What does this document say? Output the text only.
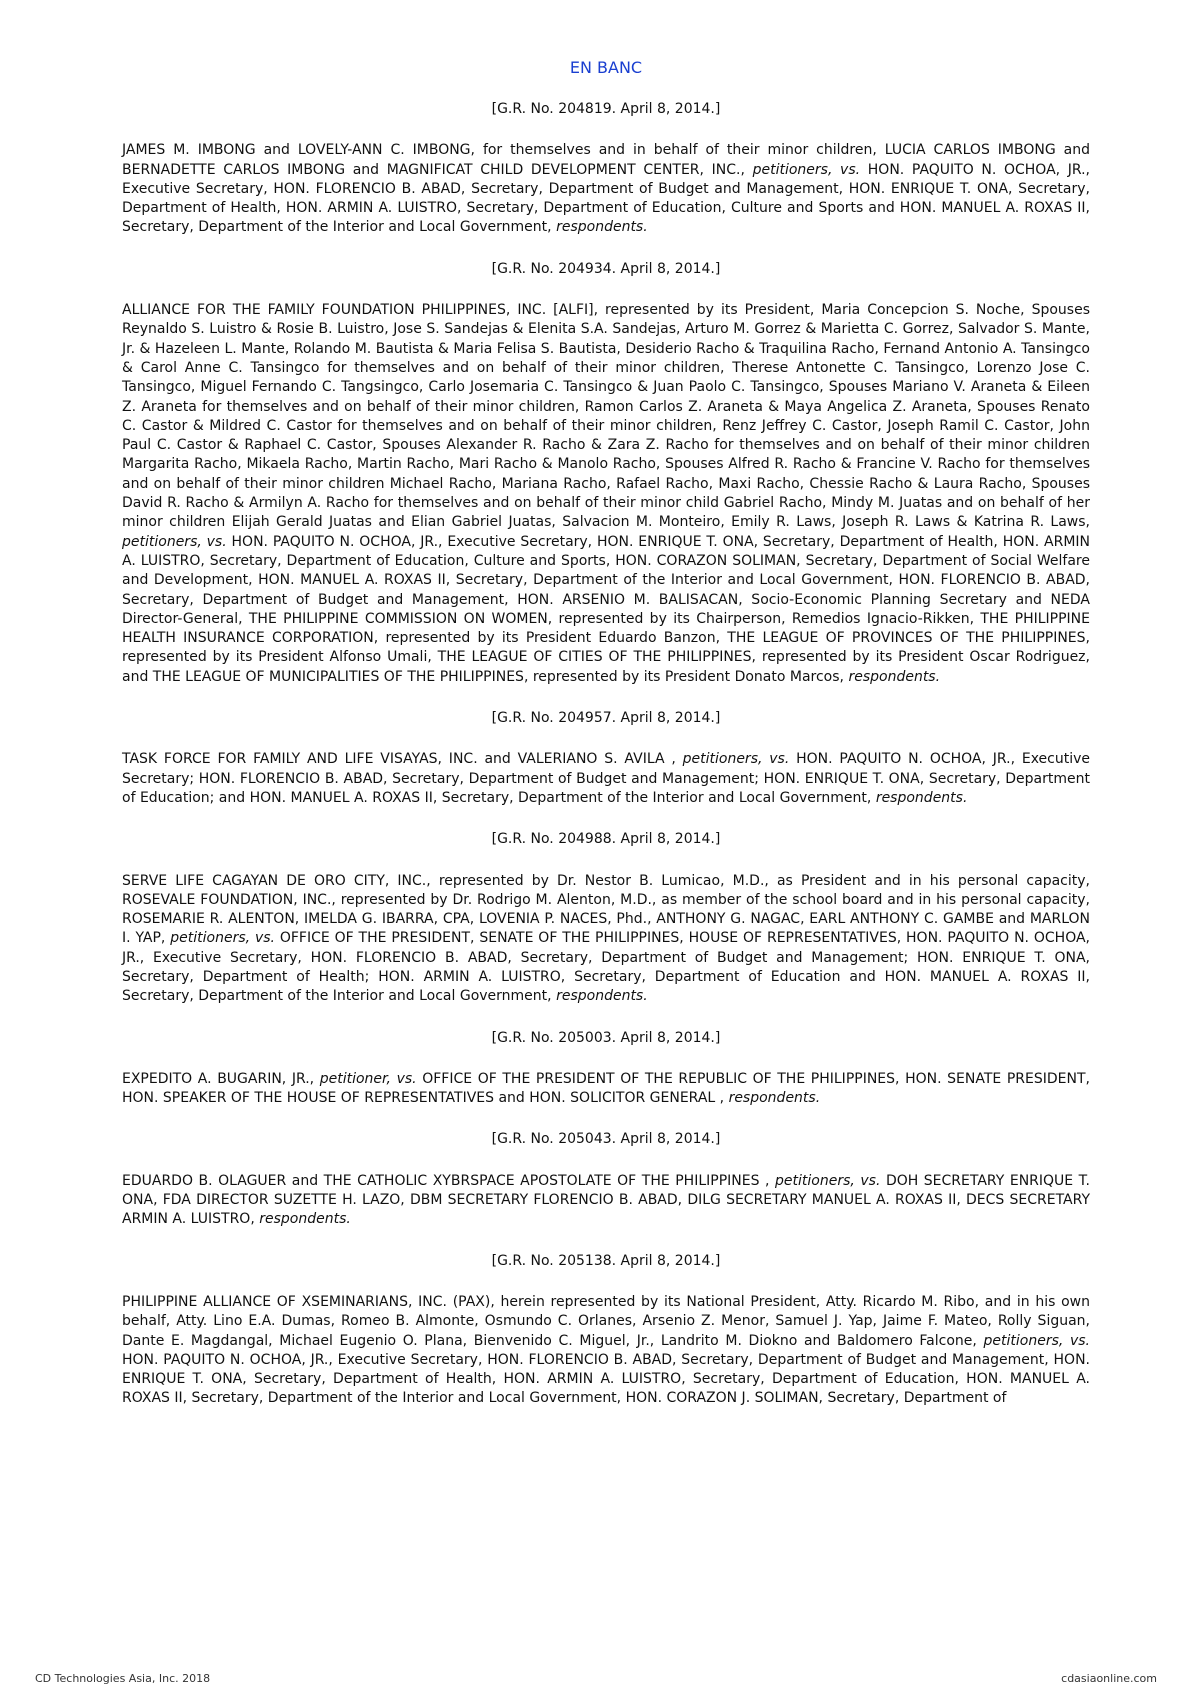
EN BANC
[G.R. No. 204819. April 8, 2014.]
JAMES M. IMBONG and LOVELY-ANN C. IMBONG, for themselves and in behalf of their minor children, LUCIA CARLOS IMBONG and BERNADETTE CARLOS IMBONG and MAGNIFICAT CHILD DEVELOPMENT CENTER, INC., petitioners, vs. HON. PAQUITO N. OCHOA, JR., Executive Secretary, HON. FLORENCIO B. ABAD, Secretary, Department of Budget and Management, HON. ENRIQUE T. ONA, Secretary, Department of Health, HON. ARMIN A. LUISTRO, Secretary, Department of Education, Culture and Sports and HON. MANUEL A. ROXAS II, Secretary, Department of the Interior and Local Government, respondents.
[G.R. No. 204934. April 8, 2014.]
ALLIANCE FOR THE FAMILY FOUNDATION PHILIPPINES, INC. [ALFI], represented by its President, Maria Concepcion S. Noche, Spouses Reynaldo S. Luistro & Rosie B. Luistro, Jose S. Sandejas & Elenita S.A. Sandejas, Arturo M. Gorrez & Marietta C. Gorrez, Salvador S. Mante, Jr. & Hazeleen L. Mante, Rolando M. Bautista & Maria Felisa S. Bautista, Desiderio Racho & Traquilina Racho, Fernand Antonio A. Tansingco & Carol Anne C. Tansingco for themselves and on behalf of their minor children, Therese Antonette C. Tansingco, Lorenzo Jose C. Tansingco, Miguel Fernando C. Tangsingco, Carlo Josemaria C. Tansingco & Juan Paolo C. Tansingco, Spouses Mariano V. Araneta & Eileen Z. Araneta for themselves and on behalf of their minor children, Ramon Carlos Z. Araneta & Maya Angelica Z. Araneta, Spouses Renato C. Castor & Mildred C. Castor for themselves and on behalf of their minor children, Renz Jeffrey C. Castor, Joseph Ramil C. Castor, John Paul C. Castor & Raphael C. Castor, Spouses Alexander R. Racho & Zara Z. Racho for themselves and on behalf of their minor children Margarita Racho, Mikaela Racho, Martin Racho, Mari Racho & Manolo Racho, Spouses Alfred R. Racho & Francine V. Racho for themselves and on behalf of their minor children Michael Racho, Mariana Racho, Rafael Racho, Maxi Racho, Chessie Racho & Laura Racho, Spouses David R. Racho & Armilyn A. Racho for themselves and on behalf of their minor child Gabriel Racho, Mindy M. Juatas and on behalf of her minor children Elijah Gerald Juatas and Elian Gabriel Juatas, Salvacion M. Monteiro, Emily R. Laws, Joseph R. Laws & Katrina R. Laws, petitioners, vs. HON. PAQUITO N. OCHOA, JR., Executive Secretary, HON. ENRIQUE T. ONA, Secretary, Department of Health, HON. ARMIN A. LUISTRO, Secretary, Department of Education, Culture and Sports, HON. CORAZON SOLIMAN, Secretary, Department of Social Welfare and Development, HON. MANUEL A. ROXAS II, Secretary, Department of the Interior and Local Government, HON. FLORENCIO B. ABAD, Secretary, Department of Budget and Management, HON. ARSENIO M. BALISACAN, Socio-Economic Planning Secretary and NEDA Director-General, THE PHILIPPINE COMMISSION ON WOMEN, represented by its Chairperson, Remedios Ignacio-Rikken, THE PHILIPPINE HEALTH INSURANCE CORPORATION, represented by its President Eduardo Banzon, THE LEAGUE OF PROVINCES OF THE PHILIPPINES, represented by its President Alfonso Umali, THE LEAGUE OF CITIES OF THE PHILIPPINES, represented by its President Oscar Rodriguez, and THE LEAGUE OF MUNICIPALITIES OF THE PHILIPPINES, represented by its President Donato Marcos, respondents.
[G.R. No. 204957. April 8, 2014.]
TASK FORCE FOR FAMILY AND LIFE VISAYAS, INC. and VALERIANO S. AVILA , petitioners, vs. HON. PAQUITO N. OCHOA, JR., Executive Secretary; HON. FLORENCIO B. ABAD, Secretary, Department of Budget and Management; HON. ENRIQUE T. ONA, Secretary, Department of Education; and HON. MANUEL A. ROXAS II, Secretary, Department of the Interior and Local Government, respondents.
[G.R. No. 204988. April 8, 2014.]
SERVE LIFE CAGAYAN DE ORO CITY, INC., represented by Dr. Nestor B. Lumicao, M.D., as President and in his personal capacity, ROSEVALE FOUNDATION, INC., represented by Dr. Rodrigo M. Alenton, M.D., as member of the school board and in his personal capacity, ROSEMARIE R. ALENTON, IMELDA G. IBARRA, CPA, LOVENIA P. NACES, Phd., ANTHONY G. NAGAC, EARL ANTHONY C. GAMBE and MARLON I. YAP, petitioners, vs. OFFICE OF THE PRESIDENT, SENATE OF THE PHILIPPINES, HOUSE OF REPRESENTATIVES, HON. PAQUITO N. OCHOA, JR., Executive Secretary, HON. FLORENCIO B. ABAD, Secretary, Department of Budget and Management; HON. ENRIQUE T. ONA, Secretary, Department of Health; HON. ARMIN A. LUISTRO, Secretary, Department of Education and HON. MANUEL A. ROXAS II, Secretary, Department of the Interior and Local Government, respondents.
[G.R. No. 205003. April 8, 2014.]
EXPEDITO A. BUGARIN, JR., petitioner, vs. OFFICE OF THE PRESIDENT OF THE REPUBLIC OF THE PHILIPPINES, HON. SENATE PRESIDENT, HON. SPEAKER OF THE HOUSE OF REPRESENTATIVES and HON. SOLICITOR GENERAL , respondents.
[G.R. No. 205043. April 8, 2014.]
EDUARDO B. OLAGUER and THE CATHOLIC XYBRSPACE APOSTOLATE OF THE PHILIPPINES , petitioners, vs. DOH SECRETARY ENRIQUE T. ONA, FDA DIRECTOR SUZETTE H. LAZO, DBM SECRETARY FLORENCIO B. ABAD, DILG SECRETARY MANUEL A. ROXAS II, DECS SECRETARY ARMIN A. LUISTRO, respondents.
[G.R. No. 205138. April 8, 2014.]
PHILIPPINE ALLIANCE OF XSEMINARIANS, INC. (PAX), herein represented by its National President, Atty. Ricardo M. Ribo, and in his own behalf, Atty. Lino E.A. Dumas, Romeo B. Almonte, Osmundo C. Orlanes, Arsenio Z. Menor, Samuel J. Yap, Jaime F. Mateo, Rolly Siguan, Dante E. Magdangal, Michael Eugenio O. Plana, Bienvenido C. Miguel, Jr., Landrito M. Diokno and Baldomero Falcone, petitioners, vs. HON. PAQUITO N. OCHOA, JR., Executive Secretary, HON. FLORENCIO B. ABAD, Secretary, Department of Budget and Management, HON. ENRIQUE T. ONA, Secretary, Department of Health, HON. ARMIN A. LUISTRO, Secretary, Department of Education, HON. MANUEL A. ROXAS II, Secretary, Department of the Interior and Local Government, HON. CORAZON J. SOLIMAN, Secretary, Department of
CD Technologies Asia, Inc. 2018	cdasiaonline.com
